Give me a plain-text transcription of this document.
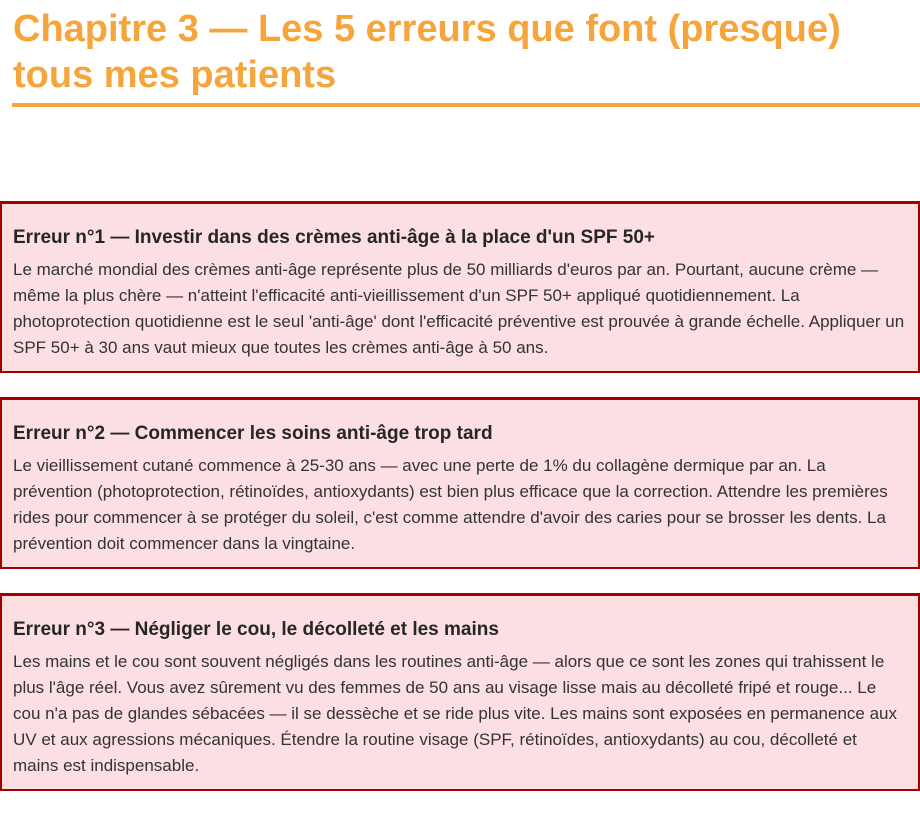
Chapitre 3 — Les 5 erreurs que font (presque) tous mes patients
Erreur n°1 — Investir dans des crèmes anti-âge à la place d'un SPF 50+

Le marché mondial des crèmes anti-âge représente plus de 50 milliards d'euros par an. Pourtant, aucune crème — même la plus chère — n'atteint l'efficacité anti-vieillissement d'un SPF 50+ appliqué quotidiennement. La photoprotection quotidienne est le seul 'anti-âge' dont l'efficacité préventive est prouvée à grande échelle. Appliquer un SPF 50+ à 30 ans vaut mieux que toutes les crèmes anti-âge à 50 ans.

Erreur n°2 — Commencer les soins anti-âge trop tard

Le vieillissement cutané commence à 25-30 ans — avec une perte de 1% du collagène dermique par an. La prévention (photoprotection, rétinoïdes, antioxydants) est bien plus efficace que la correction. Attendre les premières rides pour commencer à se protéger du soleil, c'est comme attendre d'avoir des caries pour se brosser les dents. La prévention doit commencer dans la vingtaine.

Erreur n°3 — Négliger le cou, le décolleté et les mains

Les mains et le cou sont souvent négligés dans les routines anti-âge — alors que ce sont les zones qui trahissent le plus l'âge réel. Vous avez sûrement vu des femmes de 50 ans au visage lisse mais au décolleté fripé et rouge... Le cou n'a pas de glandes sébacées — il se dessèche et se ride plus vite. Les mains sont exposées en permanence aux UV et aux agressions mécaniques. Étendre la routine visage (SPF, rétinoïdes, antioxydants) au cou, décolleté et mains est indispensable.
